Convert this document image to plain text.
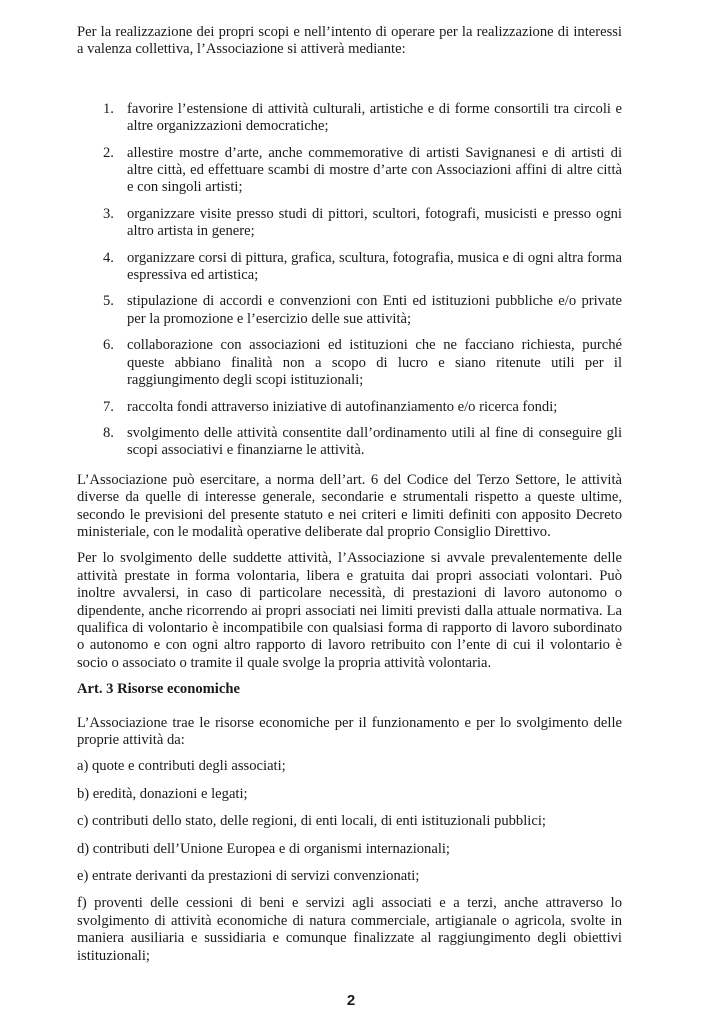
Per la realizzazione dei propri scopi e nell’intento di operare per la realizzazione di interessi a valenza collettiva, l’Associazione si attiverà mediante:

1. favorire l’estensione di attività culturali, artistiche e di forme consortili tra circoli e altre organizzazioni democratiche;
2. allestire mostre d’arte, anche commemorative di artisti Savignanesi e di artisti di altre città, ed effettuare scambi di mostre d’arte con Associazioni affini di altre città e con singoli artisti;
3. organizzare visite presso studi di pittori, scultori, fotografi, musicisti e presso ogni altro artista in genere;
4. organizzare corsi di pittura, grafica, scultura, fotografia, musica e di ogni altra forma espressiva ed artistica;
5. stipulazione di accordi e convenzioni con Enti ed istituzioni pubbliche e/o private per la promozione e l’esercizio delle sue attività;
6. collaborazione con associazioni ed istituzioni che ne facciano richiesta, purché queste abbiano finalità non a scopo di lucro e siano ritenute utili per il raggiungimento degli scopi istituzionali;
7. raccolta fondi attraverso iniziative di autofinanziamento e/o ricerca fondi;
8. svolgimento delle attività consentite dall’ordinamento utili al fine di conseguire gli scopi associativi e finanziarne le attività.

L’Associazione può esercitare, a norma dell’art. 6 del Codice del Terzo Settore, le attività diverse da quelle di interesse generale, secondarie e strumentali rispetto a queste ultime, secondo le previsioni del presente statuto e nei criteri e limiti definiti con apposito Decreto ministeriale, con le modalità operative deliberate dal proprio Consiglio Direttivo.

Per lo svolgimento delle suddette attività, l’Associazione si avvale prevalentemente delle attività prestate in forma volontaria, libera e gratuita dai propri associati volontari. Può inoltre avvalersi, in caso di particolare necessità, di prestazioni di lavoro autonomo o dipendente, anche ricorrendo ai propri associati nei limiti previsti dalla attuale normativa. La qualifica di volontario è incompatibile con qualsiasi forma di rapporto di lavoro subordinato o autonomo e con ogni altro rapporto di lavoro retribuito con l’ente di cui il volontario è socio o associato o tramite il quale svolge la propria attività volontaria.

Art. 3 Risorse economiche

L’Associazione trae le risorse economiche per il funzionamento e per lo svolgimento delle proprie attività da:

a) quote e contributi degli associati;
b) eredità, donazioni e legati;
c) contributi dello stato, delle regioni, di enti locali, di enti istituzionali pubblici;
d) contributi dell’Unione Europea e di organismi internazionali;
e) entrate derivanti da prestazioni di servizi convenzionati;
f) proventi delle cessioni di beni e servizi agli associati e a terzi, anche attraverso lo svolgimento di attività economiche di natura commerciale, artigianale o agricola, svolte in maniera ausiliaria e sussidiaria e comunque finalizzate al raggiungimento degli obiettivi istituzionali;
2
